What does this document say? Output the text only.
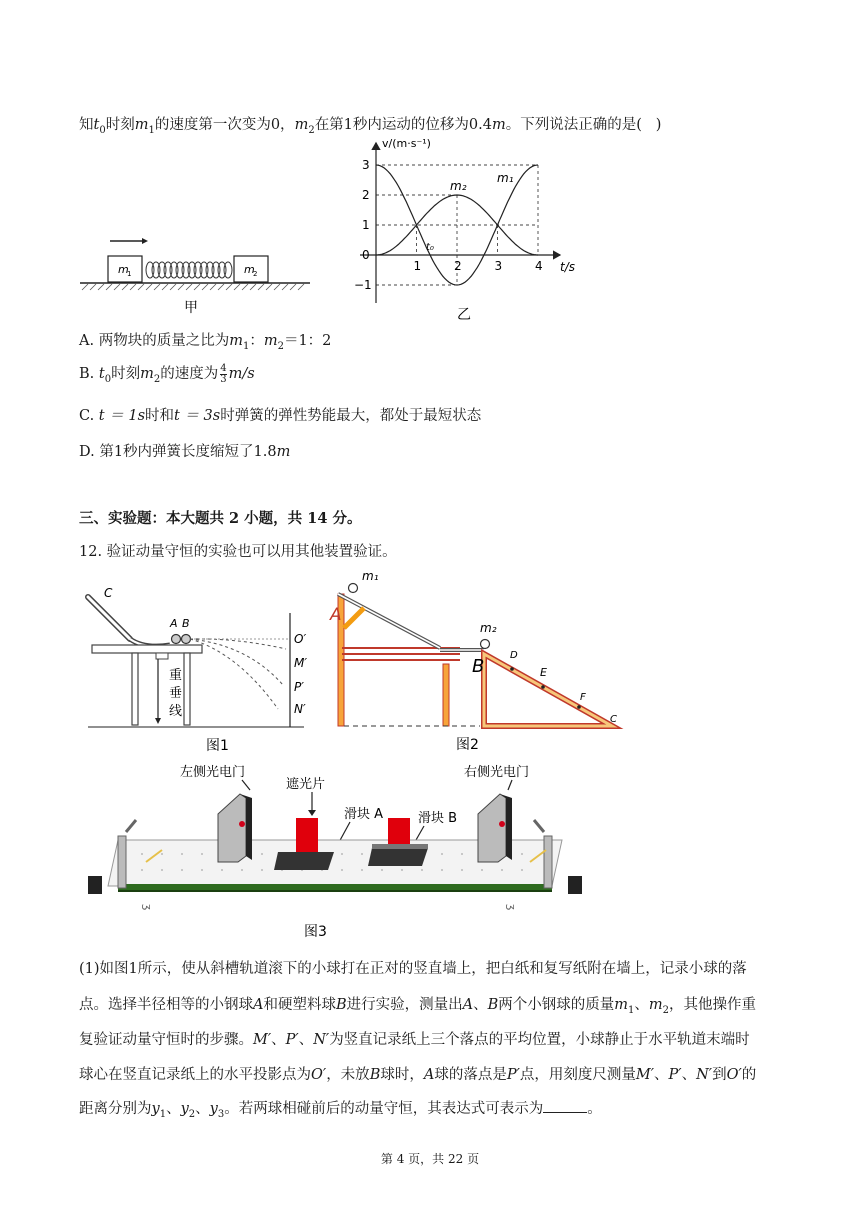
知$t_0$时刻$m_1$的速度第一次变为0，$m_2$在第1秒内运动的位移为0.4m。下列说法正确的是( )
m
1	m
2
甲
v/(m·s⁻¹)
t/s
3
2
1
0
−1
1	2	3	4
m₁
m₂
t₀
乙
A. 两物块的质量之比为$m_1$：$m_2=1$：2
B. $t_0$时刻$m_2$的速度为 $\frac{4}{3} m/s$
C. t ＝ 1s时和t ＝ 3s时弹簧的弹性势能最大，都处于最短状态
D. 第1秒内弹簧长度缩短了1.8m
三、实验题：本大题共 2 小题，共 14 分。
12. 验证动量守恒的实验也可以用其他装置验证。
C
A B
重
垂
线
O′
M′
P′
N′
图1
m₁
m₂
A
B
C
D
E
F
图2
左侧光电门	右侧光电门
遮光片
滑块 A	滑块 B
ʒ	ʒ
图3
(1)如图1所示，使从斜槽轨道滚下的小球打在正对的竖直墙上，把白纸和复写纸附在墙上，记录小球的落
点。选择半径相等的小钢球A和硬塑料球B进行实验，测量出A、B两个小钢球的质量$m_1$、$m_2$，其他操作重
复验证动量守恒时的步骤。M′、P′、N′为竖直记录纸上三个落点的平均位置，小球静止于水平轨道末端时
球心在竖直记录纸上的水平投影点为O′，未放B球时，A球的落点是P′点，用刻度尺测量M′、P′、N′到O′的
距离分别为$y_1$、$y_2$、$y_3$。若两球相碰前后的动量守恒，其表达式可表示为	。
第 4 页，共 22 页
